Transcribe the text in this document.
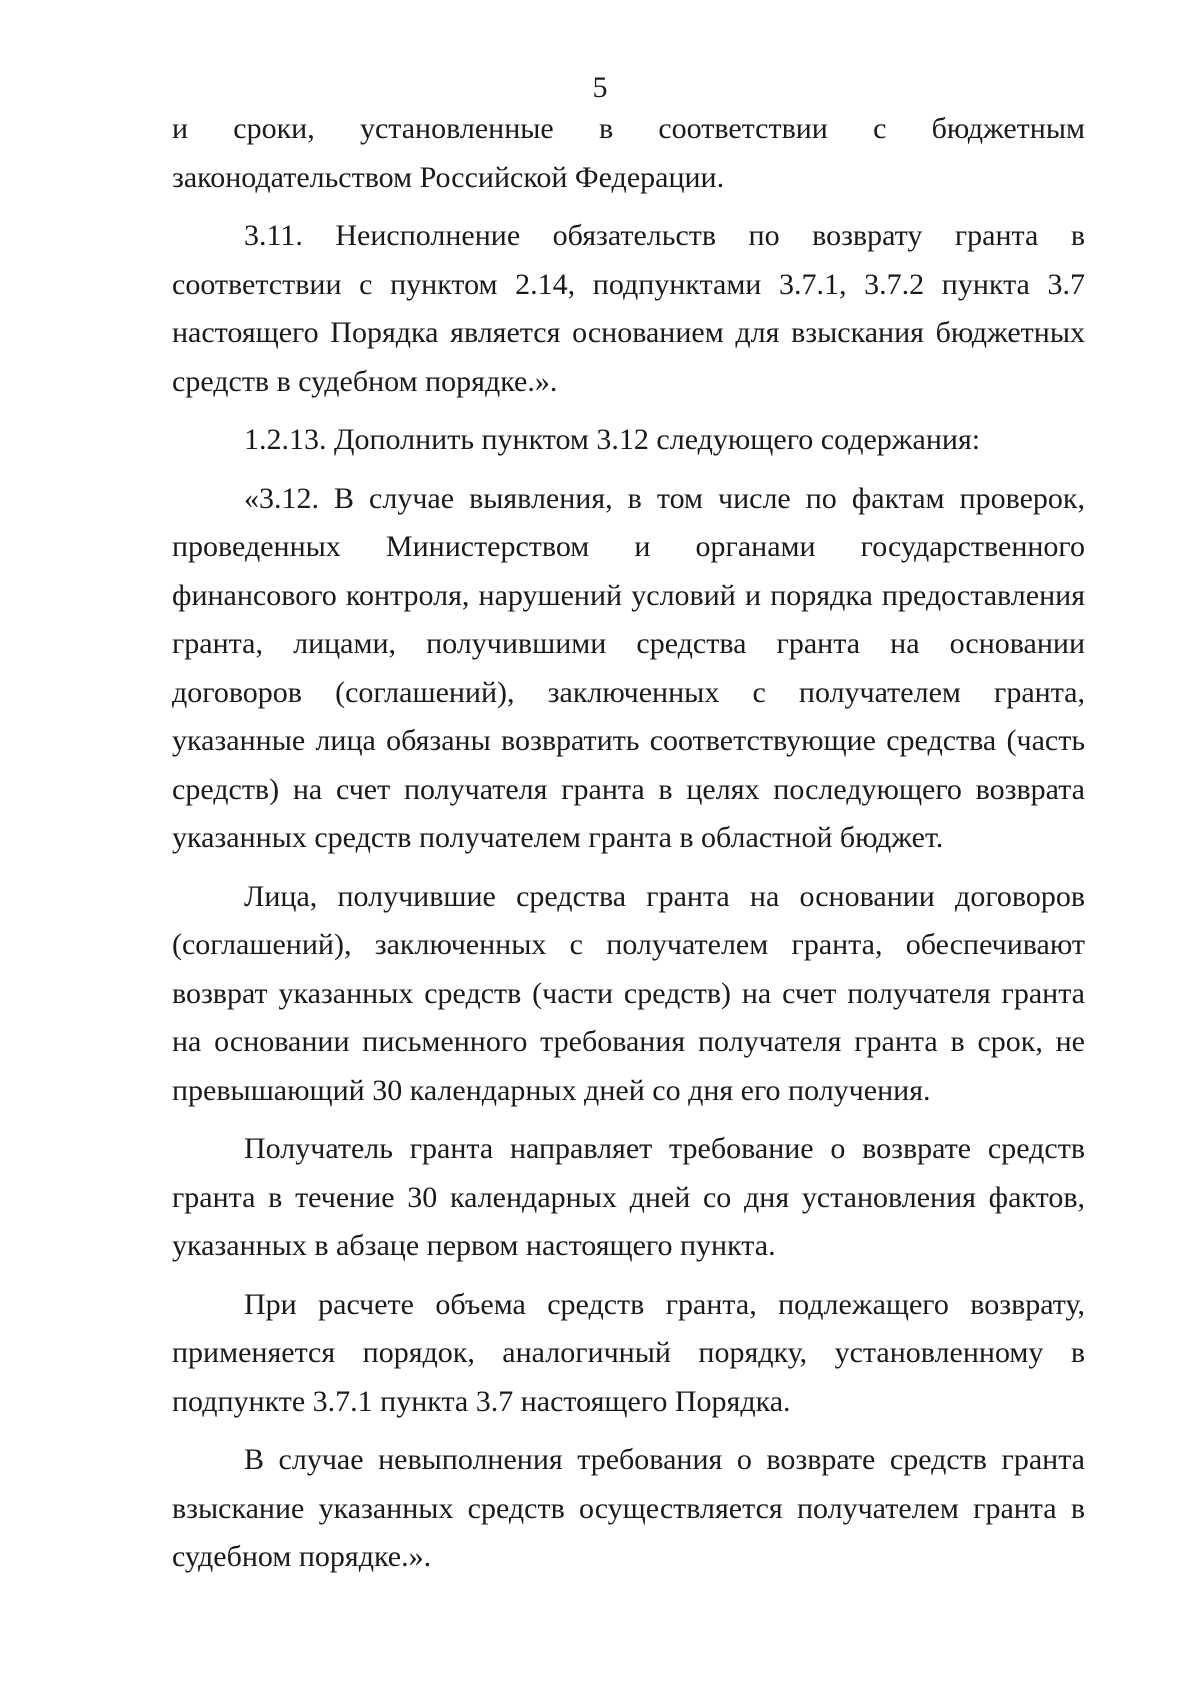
5

и сроки, установленные в соответствии с бюджетным законодательством Российской Федерации.

3.11. Неисполнение обязательств по возврату гранта в соответствии с пунктом 2.14, подпунктами 3.7.1, 3.7.2 пункта 3.7 настоящего Порядка является основанием для взыскания бюджетных средств в судебном порядке.».

1.2.13. Дополнить пунктом 3.12 следующего содержания:

«3.12. В случае выявления, в том числе по фактам проверок, проведенных Министерством и органами государственного финансового контроля, нарушений условий и порядка предоставления гранта, лицами, получившими средства гранта на основании договоров (соглашений), заключенных с получателем гранта, указанные лица обязаны возвратить соответствующие средства (часть средств) на счет получателя гранта в целях последующего возврата указанных средств получателем гранта в областной бюджет.

Лица, получившие средства гранта на основании договоров (соглашений), заключенных с получателем гранта, обеспечивают возврат указанных средств (части средств) на счет получателя гранта на основании письменного требования получателя гранта в срок, не превышающий 30 календарных дней со дня его получения.

Получатель гранта направляет требование о возврате средств гранта в течение 30 календарных дней со дня установления фактов, указанных в абзаце первом настоящего пункта.

При расчете объема средств гранта, подлежащего возврату, применяется порядок, аналогичный порядку, установленному в подпункте 3.7.1 пункта 3.7 настоящего Порядка.

В случае невыполнения требования о возврате средств гранта взыскание указанных средств осуществляется получателем гранта в судебном порядке.».
